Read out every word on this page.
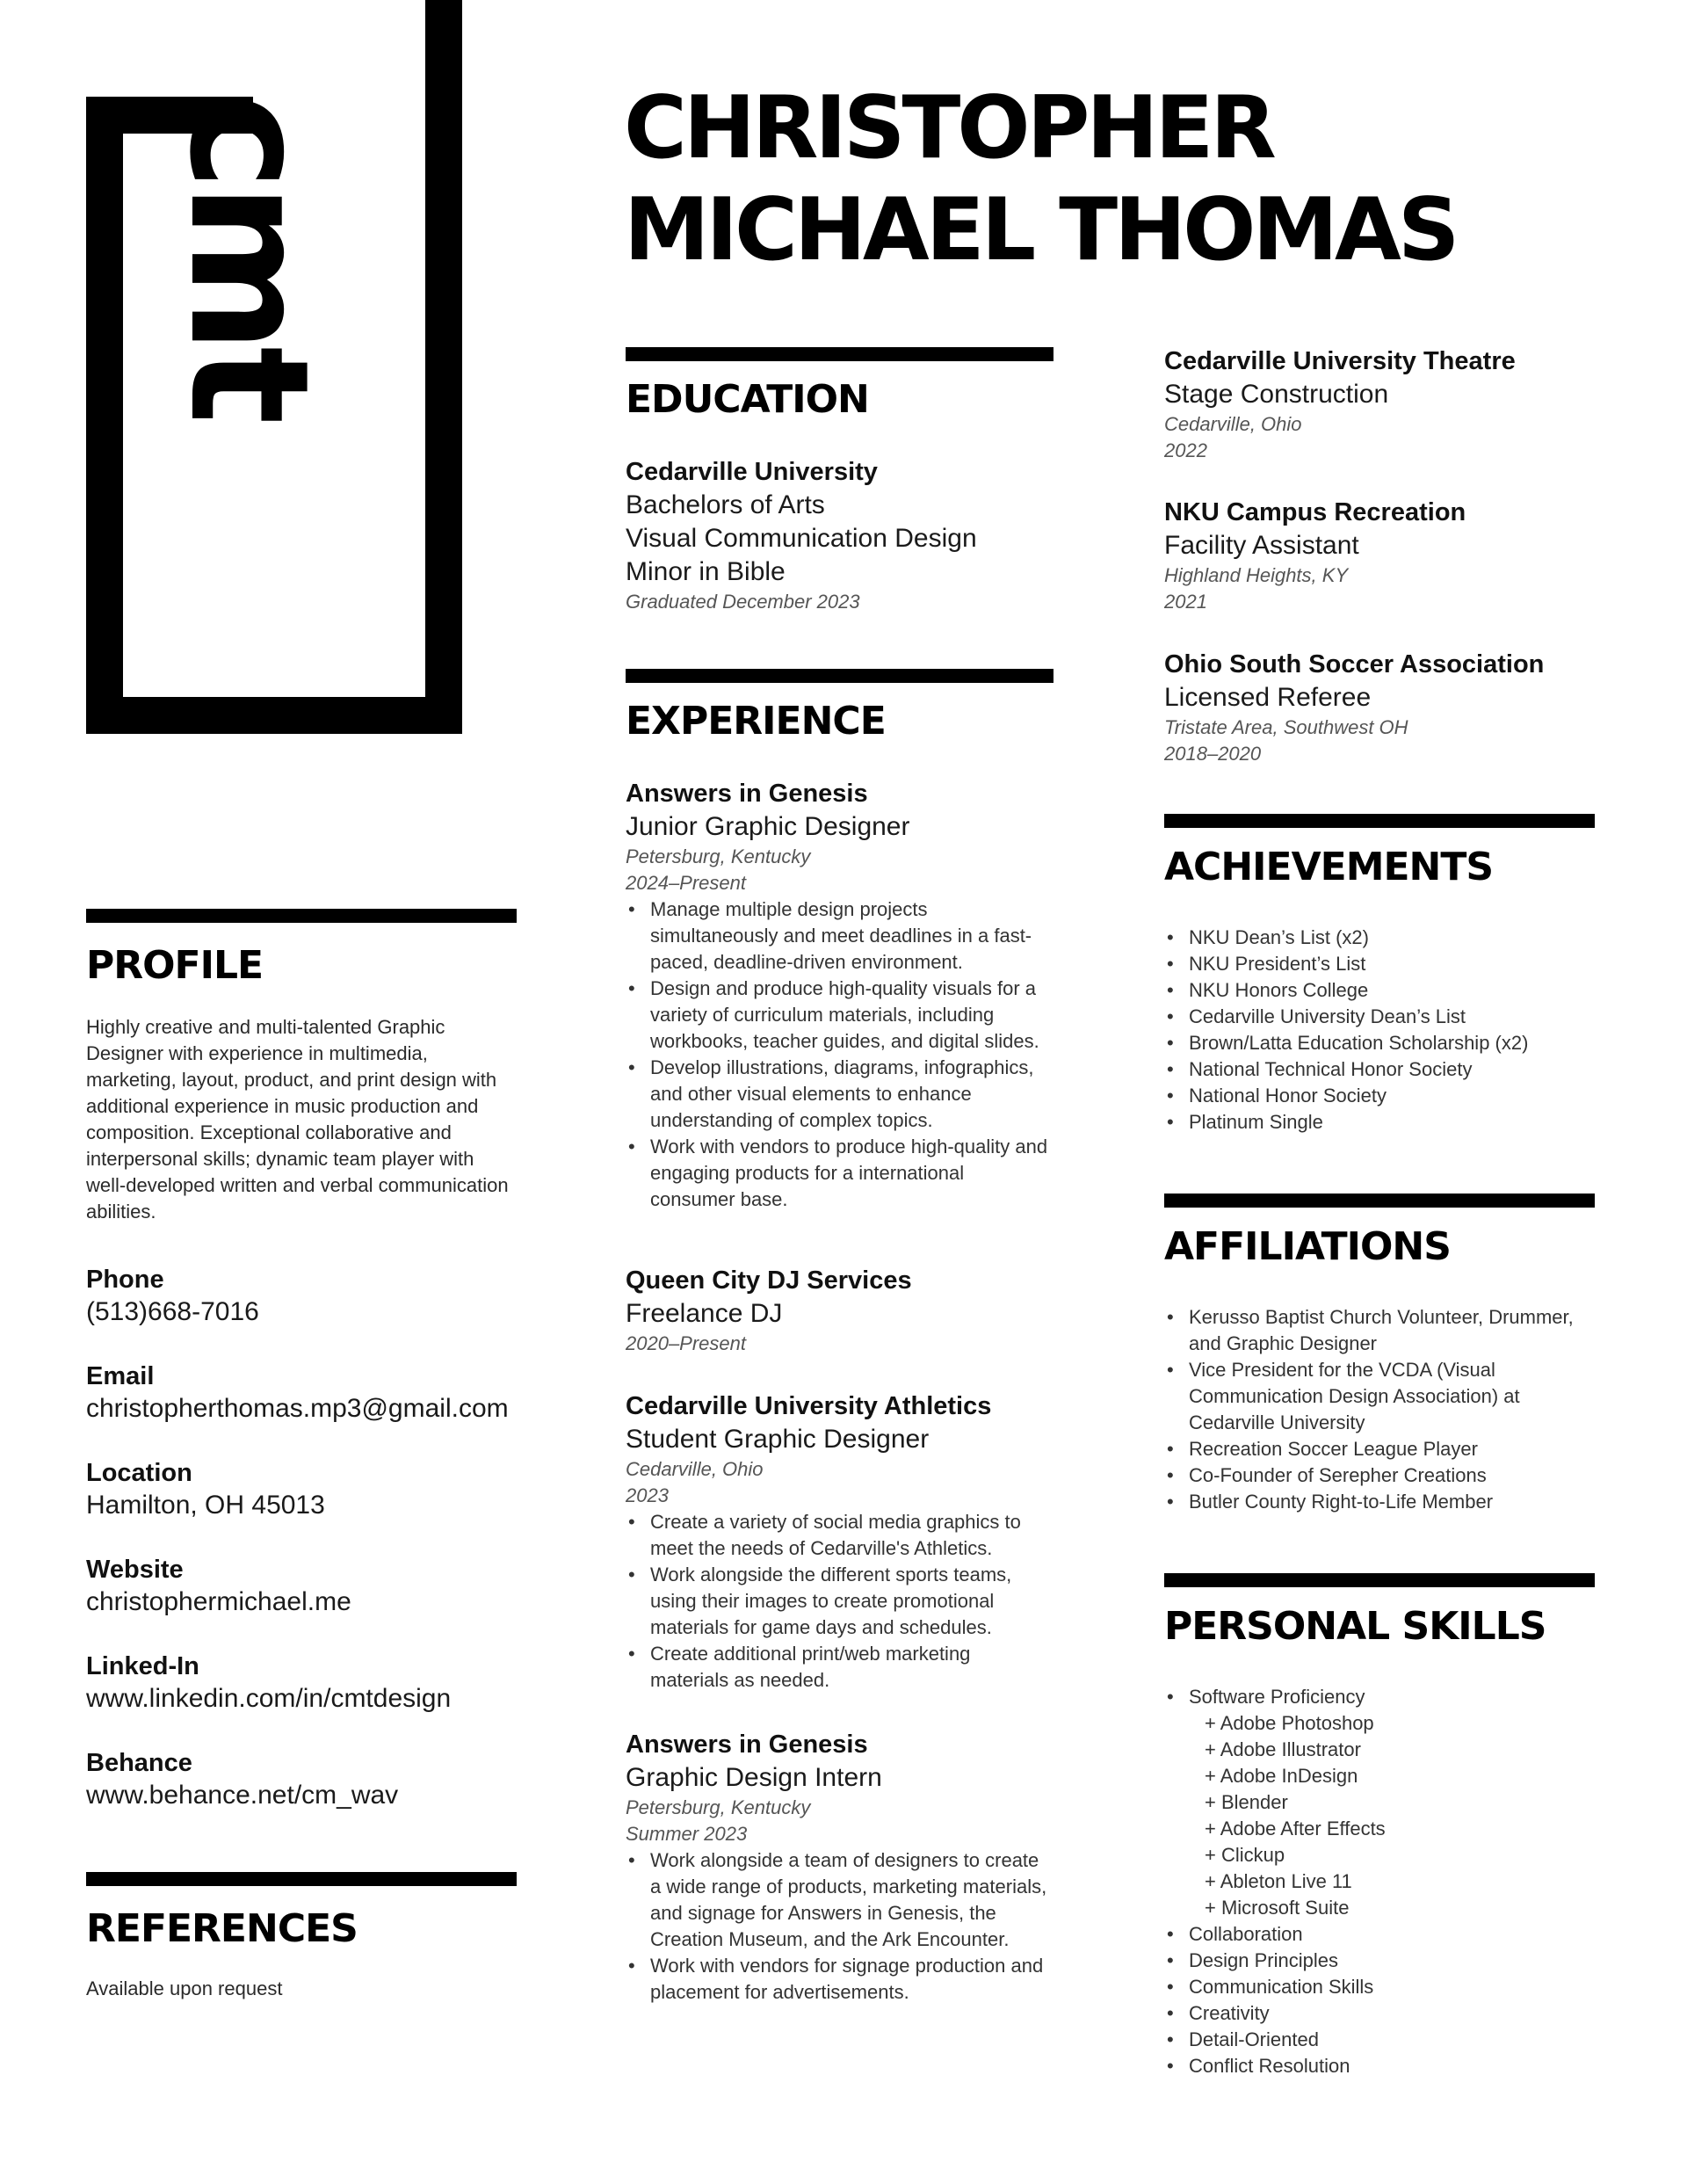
cmt	CHRISTOPHER
MICHAEL THOMAS
PROFILE
Highly creative and multi-talented Graphic Designer with experience in multimedia, marketing, layout, product, and print design with additional experience in music production and composition. Exceptional collaborative and interpersonal skills; dynamic team player with well-developed written and verbal communication abilities.
Phone
(513)668-7016
Email
christopherthomas.mp3@gmail.com
Location
Hamilton, OH 45013
Website
christophermichael.me
Linked-In
www.linkedin.com/in/cmtdesign
Behance
www.behance.net/cm_wav
REFERENCES
Available upon request
EDUCATION
Cedarville University
Bachelors of Arts
Visual Communication Design
Minor in Bible
Graduated December 2023
EXPERIENCE
Answers in Genesis
Junior Graphic Designer
Petersburg, Kentucky
2024–Present
• Manage multiple design projects simultaneously and meet deadlines in a fast-paced, deadline-driven environment.
• Design and produce high-quality visuals for a variety of curriculum materials, including workbooks, teacher guides, and digital slides.
• Develop illustrations, diagrams, infographics, and other visual elements to enhance understanding of complex topics.
• Work with vendors to produce high-quality and engaging products for a international consumer base.
Queen City DJ Services
Freelance DJ
2020–Present
Cedarville University Athletics
Student Graphic Designer
Cedarville, Ohio
2023
• Create a variety of social media graphics to meet the needs of Cedarville's Athletics.
• Work alongside the different sports teams, using their images to create promotional materials for game days and schedules.
• Create additional print/web marketing materials as needed.
Answers in Genesis
Graphic Design Intern
Petersburg, Kentucky
Summer 2023
• Work alongside a team of designers to create a wide range of products, marketing materials, and signage for Answers in Genesis, the Creation Museum, and the Ark Encounter.
• Work with vendors for signage production and placement for advertisements.
Cedarville University Theatre
Stage Construction
Cedarville, Ohio
2022
NKU Campus Recreation
Facility Assistant
Highland Heights, KY
2021
Ohio South Soccer Association
Licensed Referee
Tristate Area, Southwest OH
2018–2020
ACHIEVEMENTS
• NKU Dean’s List (x2)
• NKU President’s List
• NKU Honors College
• Cedarville University Dean’s List
• Brown/Latta Education Scholarship (x2)
• National Technical Honor Society
• National Honor Society
• Platinum Single
AFFILIATIONS
• Kerusso Baptist Church Volunteer, Drummer, and Graphic Designer
• Vice President for the VCDA (Visual Communication Design Association) at Cedarville University
• Recreation Soccer League Player
• Co-Founder of Serepher Creations
• Butler County Right-to-Life Member
PERSONAL SKILLS
• Software Proficiency
+ Adobe Photoshop
+ Adobe Illustrator
+ Adobe InDesign
+ Blender
+ Adobe After Effects
+ Clickup
+ Ableton Live 11
+ Microsoft Suite
• Collaboration
• Design Principles
• Communication Skills
• Creativity
• Detail-Oriented
• Conflict Resolution
